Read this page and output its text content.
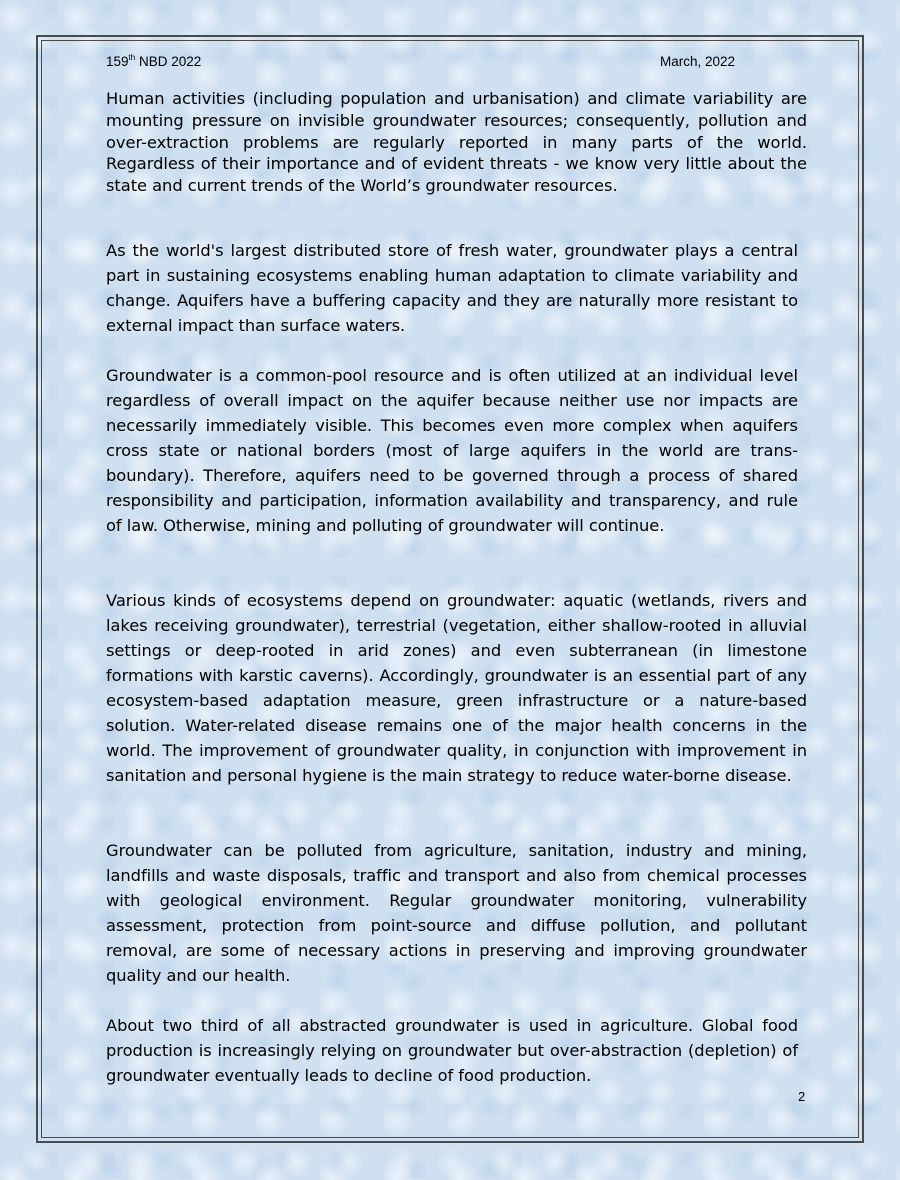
159th NBD 2022	March, 2022

Human activities (including population and urbanisation) and climate variability are mounting pressure on invisible groundwater resources; consequently, pollution and over-extraction problems are regularly reported in many parts of the world. Regardless of their importance and of evident threats - we know very little about the state and current trends of the World’s groundwater resources.

As the world's largest distributed store of fresh water, groundwater plays a central part in sustaining ecosystems enabling human adaptation to climate variability and change. Aquifers have a buffering capacity and they are naturally more resistant to external impact than surface waters.

Groundwater is a common-pool resource and is often utilized at an individual level regardless of overall impact on the aquifer because neither use nor impacts are necessarily immediately visible. This becomes even more complex when aquifers cross state or national borders (most of large aquifers in the world are trans-boundary). Therefore, aquifers need to be governed through a process of shared responsibility and participation, information availability and transparency, and rule of law. Otherwise, mining and polluting of groundwater will continue.

Various kinds of ecosystems depend on groundwater: aquatic (wetlands, rivers and lakes receiving groundwater), terrestrial (vegetation, either shallow-rooted in alluvial settings or deep-rooted in arid zones) and even subterranean (in limestone formations with karstic caverns). Accordingly, groundwater is an essential part of any ecosystem-based adaptation measure, green infrastructure or a nature-based solution. Water-related disease remains one of the major health concerns in the world. The improvement of groundwater quality, in conjunction with improvement in sanitation and personal hygiene is the main strategy to reduce water-borne disease.

Groundwater can be polluted from agriculture, sanitation, industry and mining, landfills and waste disposals, traffic and transport and also from chemical processes with geological environment. Regular groundwater monitoring, vulnerability assessment, protection from point-source and diffuse pollution, and pollutant removal, are some of necessary actions in preserving and improving groundwater quality and our health.

About two third of all abstracted groundwater is used in agriculture. Global food production is increasingly relying on groundwater but over-abstraction (depletion) of groundwater eventually leads to decline of food production.

2
